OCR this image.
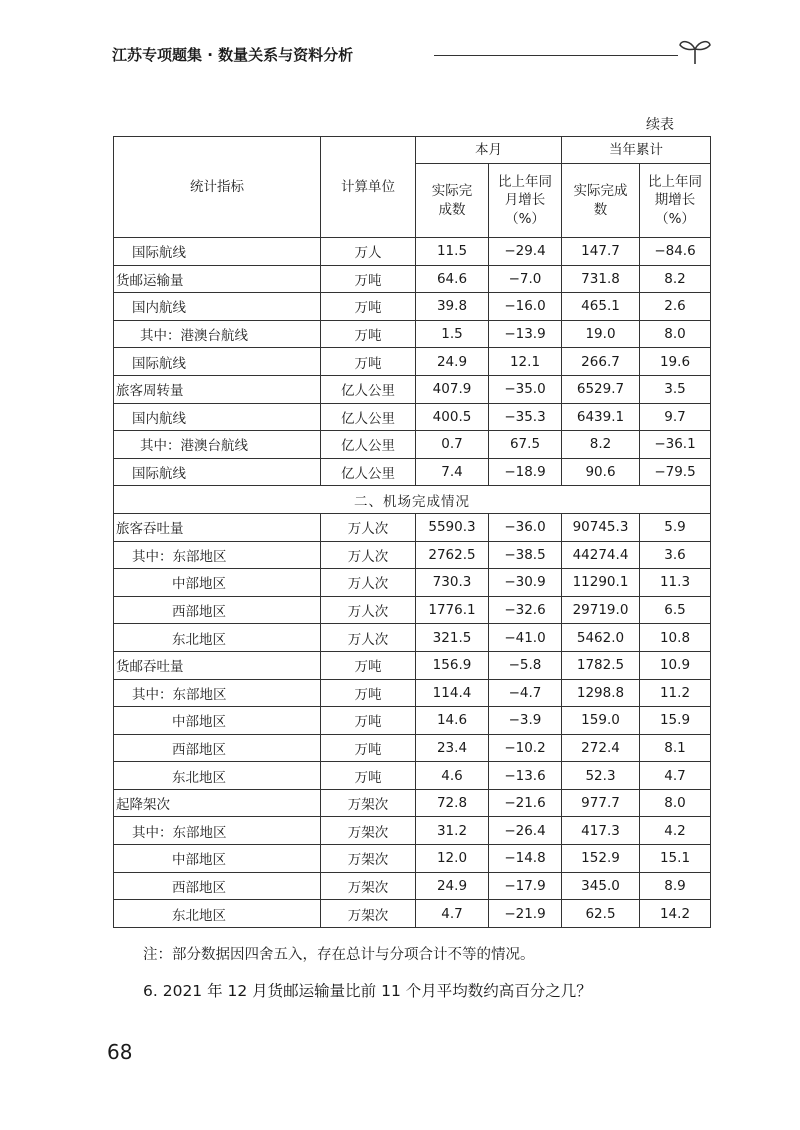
江苏专项题集 · 数量关系与资料分析
续表
统计指标	计算单位	本月		当年累计	

		实际完成数	比上年同月增长（%）	实际完成数	比上年同期增长（%）

国际航线	万人	11.5	−29.4	147.7	−84.6
货邮运输量	万吨	64.6	−7.0	731.8	8.2
国内航线	万吨	39.8	−16.0	465.1	2.6
其中：港澳台航线	万吨	1.5	−13.9	19.0	8.0
国际航线	万吨	24.9	12.1	266.7	19.6
旅客周转量	亿人公里	407.9	−35.0	6529.7	3.5
国内航线	亿人公里	400.5	−35.3	6439.1	9.7
其中：港澳台航线	亿人公里	0.7	67.5	8.2	−36.1
国际航线	亿人公里	7.4	−18.9	90.6	−79.5
二、机场完成情况					
旅客吞吐量	万人次	5590.3	−36.0	90745.3	5.9
其中：东部地区	万人次	2762.5	−38.5	44274.4	3.6
中部地区	万人次	730.3	−30.9	11290.1	11.3
西部地区	万人次	1776.1	−32.6	29719.0	6.5
东北地区	万人次	321.5	−41.0	5462.0	10.8
货邮吞吐量	万吨	156.9	−5.8	1782.5	10.9
其中：东部地区	万吨	114.4	−4.7	1298.8	11.2
中部地区	万吨	14.6	−3.9	159.0	15.9
西部地区	万吨	23.4	−10.2	272.4	8.1
东北地区	万吨	4.6	−13.6	52.3	4.7
起降架次	万架次	72.8	−21.6	977.7	8.0
其中：东部地区	万架次	31.2	−26.4	417.3	4.2
中部地区	万架次	12.0	−14.8	152.9	15.1
西部地区	万架次	24.9	−17.9	345.0	8.9
东北地区	万架次	4.7	−21.9	62.5	14.2
注：部分数据因四舍五入，存在总计与分项合计不等的情况。
6. 2021 年 12 月货邮运输量比前 11 个月平均数约高百分之几？
68
